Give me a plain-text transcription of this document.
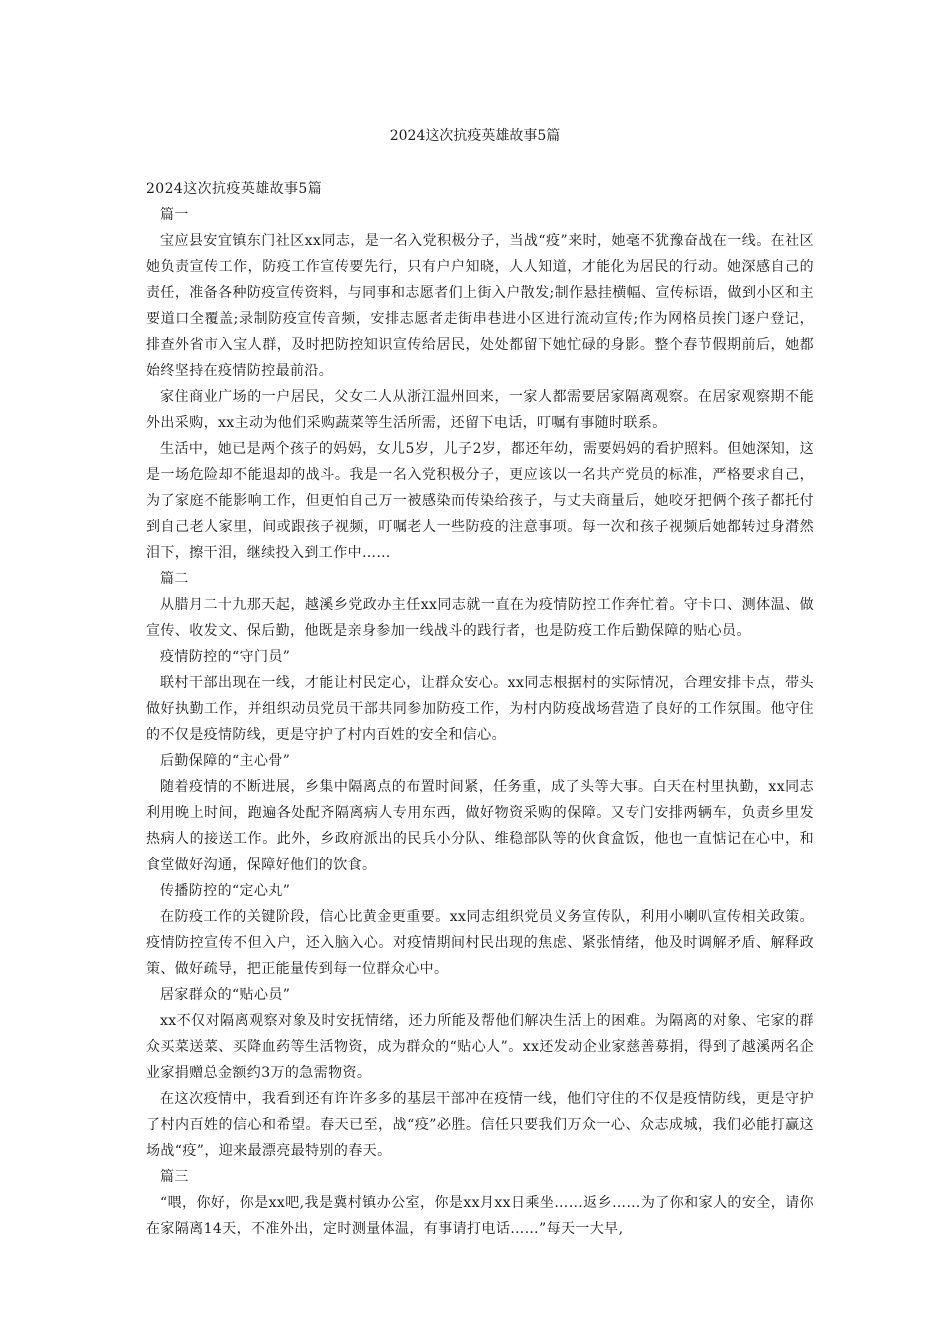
2024这次抗疫英雄故事5篇

2024这次抗疫英雄故事5篇

篇一

宝应县安宜镇东门社区xx同志，是一名入党积极分子，当战“疫”来时，她毫不犹豫奋战在一线。在社区她负责宣传工作，防疫工作宣传要先行，只有户户知晓，人人知道，才能化为居民的行动。她深感自己的责任，准备各种防疫宣传资料，与同事和志愿者们上街入户散发;制作悬挂横幅、宣传标语，做到小区和主要道口全覆盖;录制防疫宣传音频，安排志愿者走街串巷进小区进行流动宣传;作为网格员挨门逐户登记，排查外省市入宝人群，及时把防控知识宣传给居民，处处都留下她忙碌的身影。整个春节假期前后，她都始终坚持在疫情防控最前沿。

家住商业广场的一户居民，父女二人从浙江温州回来，一家人都需要居家隔离观察。在居家观察期不能外出采购，xx主动为他们采购蔬菜等生活所需，还留下电话，叮嘱有事随时联系。

生活中，她已是两个孩子的妈妈，女儿5岁，儿子2岁，都还年幼，需要妈妈的看护照料。但她深知，这是一场危险却不能退却的战斗。我是一名入党积极分子，更应该以一名共产党员的标准，严格要求自己，为了家庭不能影响工作，但更怕自己万一被感染而传染给孩子，与丈夫商量后，她咬牙把俩个孩子都托付到自己老人家里，间或跟孩子视频，叮嘱老人一些防疫的注意事项。每一次和孩子视频后她都转过身潸然泪下，擦干泪，继续投入到工作中……

篇二

从腊月二十九那天起，越溪乡党政办主任xx同志就一直在为疫情防控工作奔忙着。守卡口、测体温、做宣传、收发文、保后勤，他既是亲身参加一线战斗的践行者，也是防疫工作后勤保障的贴心员。

疫情防控的“守门员”

联村干部出现在一线，才能让村民定心，让群众安心。xx同志根据村的实际情况，合理安排卡点，带头做好执勤工作，并组织动员党员干部共同参加防疫工作，为村内防疫战场营造了良好的工作氛围。他守住的不仅是疫情防线，更是守护了村内百姓的安全和信心。

后勤保障的“主心骨”

随着疫情的不断进展，乡集中隔离点的布置时间紧，任务重，成了头等大事。白天在村里执勤，xx同志利用晚上时间，跑遍各处配齐隔离病人专用东西，做好物资采购的保障。又专门安排两辆车，负责乡里发热病人的接送工作。此外，乡政府派出的民兵小分队、维稳部队等的伙食盒饭，他也一直惦记在心中，和食堂做好沟通，保障好他们的饮食。

传播防控的“定心丸”

在防疫工作的关键阶段，信心比黄金更重要。xx同志组织党员义务宣传队，利用小喇叭宣传相关政策。疫情防控宣传不但入户，还入脑入心。对疫情期间村民出现的焦虑、紧张情绪，他及时调解矛盾、解释政策、做好疏导，把正能量传到每一位群众心中。

居家群众的“贴心员”

xx不仅对隔离观察对象及时安抚情绪，还力所能及帮他们解决生活上的困难。为隔离的对象、宅家的群众买菜送菜、买降血药等生活物资，成为群众的“贴心人”。xx还发动企业家慈善募捐，得到了越溪两名企业家捐赠总金额约3万的急需物资。

在这次疫情中，我看到还有许许多多的基层干部冲在疫情一线，他们守住的不仅是疫情防线，更是守护了村内百姓的信心和希望。春天已至，战“疫”必胜。信任只要我们万众一心、众志成城，我们必能打赢这场战“疫”，迎来最漂亮最特别的春天。

篇三

“喂，你好，你是xx吧,我是冀村镇办公室，你是xx月xx日乘坐……返乡……为了你和家人的安全，请你在家隔离14天，不准外出，定时测量体温，有事请打电话……”每天一大早,
